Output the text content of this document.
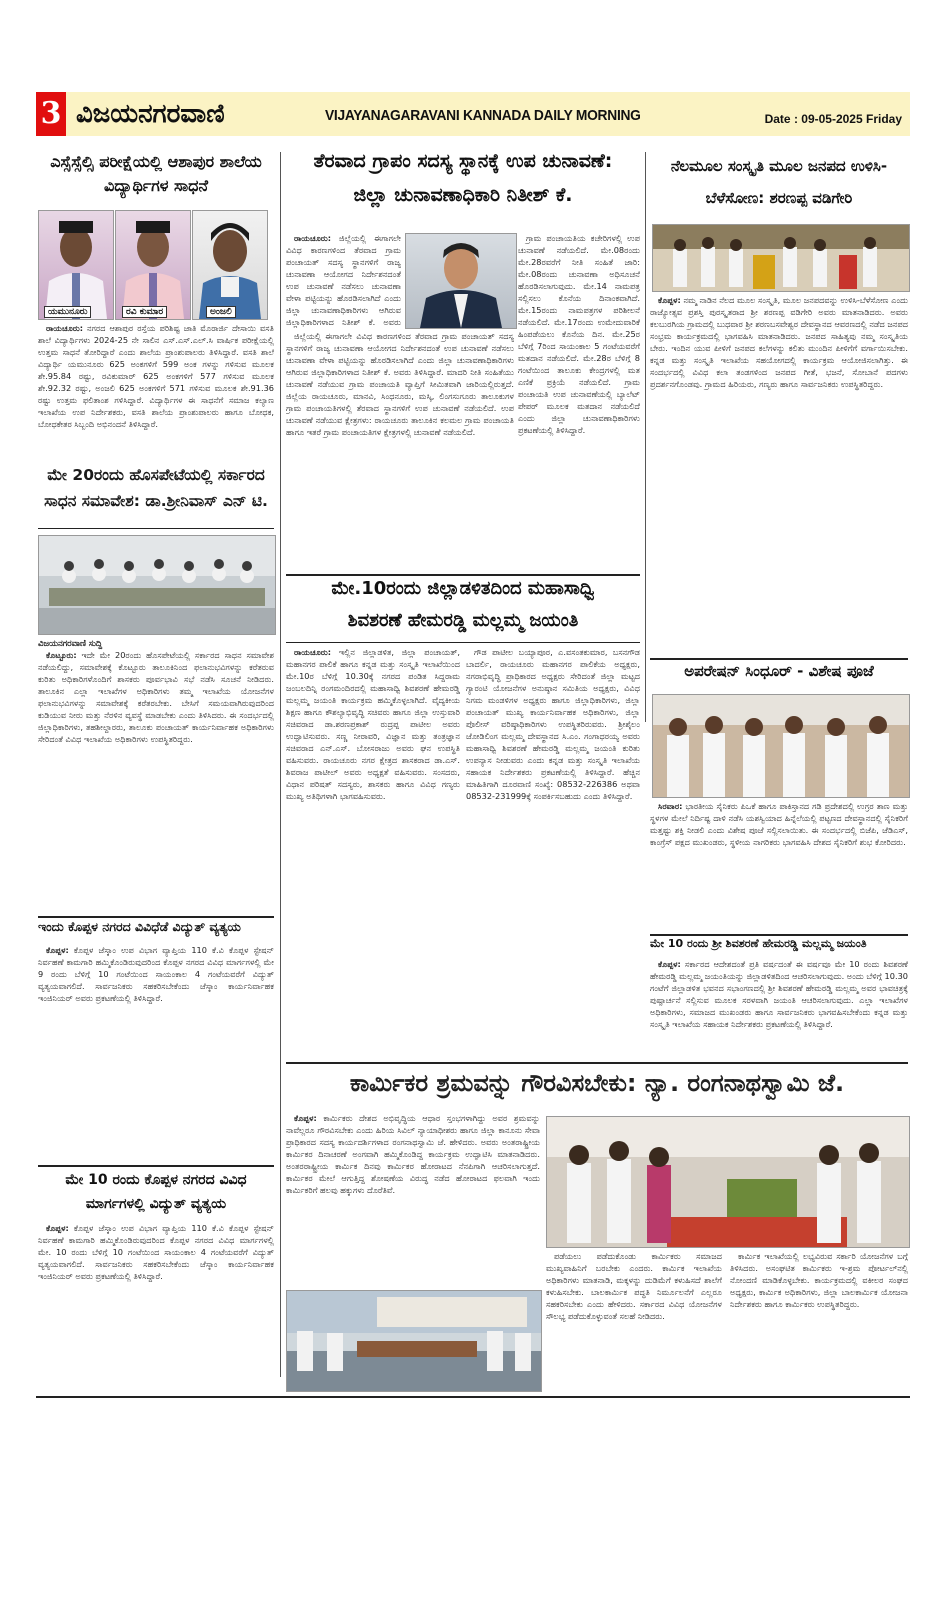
3 ವಿಜಯನಗರವಾಣಿ	VIJAYANAGARAVANI KANNADA DAILY MORNING	Date : 09-05-2025 Friday
ಎಸ್ಸೆಸ್ಸೆಲ್ಸಿ ಪರೀಕ್ಷೆಯಲ್ಲಿ ಆಶಾಪುರ ಶಾಲೆಯ ವಿದ್ಯಾರ್ಥಿಗಳ ಸಾಧನೆ
ಯಮುನೂರು	ರವಿ ಕುಮಾರ	ಅಂಜಲಿ

ರಾಯಚೂರು: ನಗರದ ಆಶಾಪುರ ರಸ್ತೆಯ ಪರಿಶಿಷ್ಟ ಜಾತಿ ಮೊರಾರ್ಜಿ ದೇಸಾಯಿ ವಸತಿ ಶಾಲೆ ವಿದ್ಯಾರ್ಥಿಗಳು 2024-25 ನೇ ಸಾಲಿನ ಎಸ್.ಎಸ್.ಎಲ್.ಸಿ ವಾರ್ಷಿಕ ಪರೀಕ್ಷೆಯಲ್ಲಿ ಉತ್ತಮ ಸಾಧನೆ ತೋರಿದ್ದಾರೆ ಎಂದು ಶಾಲೆಯ ಪ್ರಾಂಶುಪಾಲರು ತಿಳಿಸಿದ್ದಾರೆ. ವಸತಿ ಶಾಲೆ ವಿದ್ಯಾರ್ಥಿ ಯಮುನೂರು 625 ಅಂಕಗಳಿಗೆ 599 ಅಂಕ ಗಳನ್ನು ಗಳಿಸುವ ಮೂಲಕ ಶೇ.95.84 ರಷ್ಟು, ರವಿಕುಮಾರ್ 625 ಅಂಕಗಳಿಗೆ 577 ಗಳಿಸುವ ಮೂಲಕ ಶೇ.92.32 ರಷ್ಟು, ಅಂಜಲಿ 625 ಅಂಕಗಳಿಗೆ 571 ಗಳಿಸುವ ಮೂಲಕ ಶೇ.91.36 ರಷ್ಟು ಉತ್ತಮ ಫಲಿತಾಂಶ ಗಳಿಸಿದ್ದಾರೆ. ವಿದ್ಯಾರ್ಥಿಗಳ ಈ ಸಾಧನೆಗೆ ಸಮಾಜ ಕಲ್ಯಾಣ ಇಲಾಖೆಯ ಉಪ ನಿರ್ದೇಶಕರು, ವಸತಿ ಶಾಲೆಯ ಪ್ರಾಂಶುಪಾಲರು ಹಾಗೂ ಬೋಧಕ, ಬೋಧಕೇತರ ಸಿಬ್ಬಂದಿ ಅಭಿನಂದನೆ ತಿಳಿಸಿದ್ದಾರೆ.

ಮೇ 20ರಂದು ಹೊಸಪೇಟೆಯಲ್ಲಿ ಸರ್ಕಾರದ ಸಾಧನ ಸಮಾವೇಶ: ಡಾ.ಶ್ರೀನಿವಾಸ್ ಎನ್ ಟಿ.
ವಿಜಯನಗರವಾಣಿ ಸುದ್ದಿ

ಕೊಟ್ಟೂರು: ಇದೇ ಮೇ 20ರಂದು ಹೊಸಪೇಟೆಯಲ್ಲಿ ಸರ್ಕಾರದ ಸಾಧನ ಸಮಾವೇಶ ನಡೆಯಲಿದ್ದು, ಸಮಾವೇಶಕ್ಕೆ ಕೊಟ್ಟೂರು ತಾಲೂಕಿನಿಂದ ಫಲಾನುಭವಿಗಳನ್ನು ಕರೆತರುವ ಕುರಿತು ಅಧಿಕಾರಿಗಳೊಂದಿಗೆ ಶಾಸಕರು ಪೂರ್ವಭಾವಿ ಸಭೆ ನಡೆಸಿ ಸೂಚನೆ ನೀಡಿದರು. ತಾಲೂಕಿನ ಎಲ್ಲಾ ಇಲಾಖೆಗಳ ಅಧಿಕಾರಿಗಳು ತಮ್ಮ ಇಲಾಖೆಯ ಯೋಜನೆಗಳ ಫಲಾನುಭವಿಗಳನ್ನು ಸಮಾವೇಶಕ್ಕೆ ಕರೆತರಬೇಕು. ಬೇಸಿಗೆ ಸಮಯವಾಗಿರುವುದರಿಂದ ಕುಡಿಯುವ ನೀರು ಮತ್ತು ನೆರಳಿನ ವ್ಯವಸ್ಥೆ ಮಾಡಬೇಕು ಎಂದು ತಿಳಿಸಿದರು. ಈ ಸಂದರ್ಭದಲ್ಲಿ ಜಿಲ್ಲಾಧಿಕಾರಿಗಳು, ತಹಶೀಲ್ದಾರರು, ತಾಲೂಕು ಪಂಚಾಯತ್ ಕಾರ್ಯನಿರ್ವಾಹಕ ಅಧಿಕಾರಿಗಳು ಸೇರಿದಂತೆ ವಿವಿಧ ಇಲಾಖೆಯ ಅಧಿಕಾರಿಗಳು ಉಪಸ್ಥಿತರಿದ್ದರು.

ಇಂದು ಕೊಪ್ಪಳ ನಗರದ ವಿವಿಧೆಡೆ ವಿದ್ಯುತ್ ವ್ಯತ್ಯಯ

ಕೊಪ್ಪಳ: ಕೊಪ್ಪಳ ಜೆಸ್ಕಾಂ ಉಪ ವಿಭಾಗ ವ್ಯಾಪ್ತಿಯ 110 ಕೆ.ವಿ ಕೊಪ್ಪಳ ಸ್ಟೇಷನ್ ನಿರ್ವಹಣೆ ಕಾಮಗಾರಿ ಹಮ್ಮಿಕೊಂಡಿರುವುದರಿಂದ ಕೊಪ್ಪಳ ನಗರದ ವಿವಿಧ ಮಾರ್ಗಗಳಲ್ಲಿ ಮೇ 9 ರಂದು ಬೆಳಿಗ್ಗೆ 10 ಗಂಟೆಯಿಂದ ಸಾಯಂಕಾಲ 4 ಗಂಟೆಯವರೆಗೆ ವಿದ್ಯುತ್ ವ್ಯತ್ಯಯವಾಗಲಿದೆ. ಸಾರ್ವಜನಿಕರು ಸಹಕರಿಸಬೇಕೆಂದು ಜೆಸ್ಕಾಂ ಕಾರ್ಯನಿರ್ವಾಹಕ ಇಂಜಿನಿಯರ್ ಅವರು ಪ್ರಕಟಣೆಯಲ್ಲಿ ತಿಳಿಸಿದ್ದಾರೆ.

ಮೇ 10 ರಂದು ಕೊಪ್ಪಳ ನಗರದ ವಿವಿಧ ಮಾರ್ಗಗಳಲ್ಲಿ ವಿದ್ಯುತ್ ವ್ಯತ್ಯಯ

ಕೊಪ್ಪಳ: ಕೊಪ್ಪಳ ಜೆಸ್ಕಾಂ ಉಪ ವಿಭಾಗ ವ್ಯಾಪ್ತಿಯ 110 ಕೆ.ವಿ ಕೊಪ್ಪಳ ಸ್ಟೇಷನ್ ನಿರ್ವಹಣೆ ಕಾಮಗಾರಿ ಹಮ್ಮಿಕೊಂಡಿರುವುದರಿಂದ ಕೊಪ್ಪಳ ನಗರದ ವಿವಿಧ ಮಾರ್ಗಗಳಲ್ಲಿ ಮೇ. 10 ರಂದು ಬೆಳಿಗ್ಗೆ 10 ಗಂಟೆಯಿಂದ ಸಾಯಂಕಾಲ 4 ಗಂಟೆಯವರೆಗೆ ವಿದ್ಯುತ್ ವ್ಯತ್ಯಯವಾಗಲಿದೆ. ಸಾರ್ವಜನಿಕರು ಸಹಕರಿಸಬೇಕೆಂದು ಜೆಸ್ಕಾಂ ಕಾರ್ಯನಿರ್ವಾಹಕ ಇಂಜಿನಿಯರ್ ಅವರು ಪ್ರಕಟಣೆಯಲ್ಲಿ ತಿಳಿಸಿದ್ದಾರೆ.

ತೆರವಾದ ಗ್ರಾಪಂ ಸದಸ್ಯ ಸ್ಥಾನಕ್ಕೆ ಉಪ ಚುನಾವಣೆ:
ಜಿಲ್ಲಾ ಚುನಾವಣಾಧಿಕಾರಿ ನಿತೀಶ್ ಕೆ.

ರಾಯಚೂರು: ಜಿಲ್ಲೆಯಲ್ಲಿ ಈಗಾಗಲೇ ವಿವಿಧ ಕಾರಣಗಳಿಂದ ತೆರವಾದ ಗ್ರಾಮ ಪಂಚಾಯತ್ ಸದಸ್ಯ ಸ್ಥಾನಗಳಿಗೆ ರಾಜ್ಯ ಚುನಾವಣಾ ಆಯೋಗದ ನಿರ್ದೇಶನದಂತೆ ಉಪ ಚುನಾವಣೆ ನಡೆಸಲು ಚುನಾವಣಾ ವೇಳಾ ಪಟ್ಟಿಯನ್ನು ಹೊರಡಿಸಲಾಗಿದೆ ಎಂದು ಜಿಲ್ಲಾ ಚುನಾವಣಾಧಿಕಾರಿಗಳು ಆಗಿರುವ ಜಿಲ್ಲಾಧಿಕಾರಿಗಳಾದ ನಿತೀಶ್ ಕೆ. ಅವರು

ಜಿಲ್ಲೆಯಲ್ಲಿ ಈಗಾಗಲೇ ವಿವಿಧ ಕಾರಣಗಳಿಂದ ತೆರವಾದ ಗ್ರಾಮ ಪಂಚಾಯತ್ ಸದಸ್ಯ ಸ್ಥಾನಗಳಿಗೆ ರಾಜ್ಯ ಚುನಾವಣಾ ಆಯೋಗದ ನಿರ್ದೇಶನದಂತೆ ಉಪ ಚುನಾವಣೆ ನಡೆಸಲು ಚುನಾವಣಾ ವೇಳಾ ಪಟ್ಟಿಯನ್ನು ಹೊರಡಿಸಲಾಗಿದೆ ಎಂದು ಜಿಲ್ಲಾ ಚುನಾವಣಾಧಿಕಾರಿಗಳು ಆಗಿರುವ ಜಿಲ್ಲಾಧಿಕಾರಿಗಳಾದ ನಿತೀಶ್ ಕೆ. ಅವರು ತಿಳಿಸಿದ್ದಾರೆ. ಮಾದರಿ ನೀತಿ ಸಂಹಿತೆಯು ಚುನಾವಣೆ ನಡೆಯುವ ಗ್ರಾಮ ಪಂಚಾಯತಿ ವ್ಯಾಪ್ತಿಗೆ ಸೀಮಿತವಾಗಿ ಜಾರಿಯಲ್ಲಿರುತ್ತದೆ. ಜಿಲ್ಲೆಯ ರಾಯಚೂರು, ಮಾನವಿ, ಸಿಂಧನೂರು, ಮಸ್ಕಿ, ಲಿಂಗಸುಗೂರು ತಾಲೂಕುಗಳ ಗ್ರಾಮ ಪಂಚಾಯತಿಗಳಲ್ಲಿ ತೆರವಾದ ಸ್ಥಾನಗಳಿಗೆ ಉಪ ಚುನಾವಣೆ ನಡೆಯಲಿದೆ. ಉಪ ಚುನಾವಣೆ ನಡೆಯುವ ಕ್ಷೇತ್ರಗಳು: ರಾಯಚೂರು ತಾಲೂಕಿನ ಕಲಮಲ ಗ್ರಾಮ ಪಂಚಾಯತಿ ಹಾಗೂ ಇತರೆ ಗ್ರಾಮ ಪಂಚಾಯತಿಗಳ ಕ್ಷೇತ್ರಗಳಲ್ಲಿ ಚುನಾವಣೆ ನಡೆಯಲಿದೆ.

ಗ್ರಾಮ ಪಂಚಾಯತಿಯ ಕಚೇರಿಗಳಲ್ಲಿ ಉಪ ಚುನಾವಣೆ ನಡೆಯಲಿದೆ. ಮೇ.08ರಂದು ಮೇ.28ರವರೆಗೆ ನೀತಿ ಸಂಹಿತೆ ಜಾರಿ: ಮೇ.08ರಂದು ಚುನಾವಣಾ ಅಧಿಸೂಚನೆ ಹೊರಡಿಸಲಾಗುವುದು. ಮೇ.14 ನಾಮಪತ್ರ ಸಲ್ಲಿಸಲು ಕೊನೆಯ ದಿನಾಂಕವಾಗಿದೆ. ಮೇ.15ರಂದು ನಾಮಪತ್ರಗಳ ಪರಿಶೀಲನೆ ನಡೆಯಲಿದೆ. ಮೇ.17ರಂದು ಉಮೇದುವಾರಿಕೆ ಹಿಂಪಡೆಯಲು ಕೊನೆಯ ದಿನ. ಮೇ.25ರ ಬೆಳಿಗ್ಗೆ 7ರಿಂದ ಸಾಯಂಕಾಲ 5 ಗಂಟೆಯವರೆಗೆ ಮತದಾನ ನಡೆಯಲಿದೆ. ಮೇ.28ರ ಬೆಳಿಗ್ಗೆ 8 ಗಂಟೆಯಿಂದ ತಾಲೂಕು ಕೇಂದ್ರಗಳಲ್ಲಿ ಮತ ಎಣಿಕೆ ಪ್ರಕ್ರಿಯೆ ನಡೆಯಲಿದೆ. ಗ್ರಾಮ ಪಂಚಾಯತಿ ಉಪ ಚುನಾವಣೆಯಲ್ಲಿ ಬ್ಯಾಲೆಟ್ ಪೇಪರ್ ಮೂಲಕ ಮತದಾನ ನಡೆಯಲಿದೆ ಎಂದು ಜಿಲ್ಲಾ ಚುನಾವಣಾಧಿಕಾರಿಗಳು ಪ್ರಕಟಣೆಯಲ್ಲಿ ತಿಳಿಸಿದ್ದಾರೆ.

ಮೇ.10ರಂದು ಜಿಲ್ಲಾಡಳಿತದಿಂದ ಮಹಾಸಾಧ್ವಿ
ಶಿವಶರಣೆ ಹೇಮರಡ್ಡಿ ಮಲ್ಲಮ್ಮ ಜಯಂತಿ

ರಾಯಚೂರು: ಇಲ್ಲಿನ ಜಿಲ್ಲಾಡಳಿತ, ಜಿಲ್ಲಾ ಪಂಚಾಯತ್, ಮಹಾನಗರ ಪಾಲಿಕೆ ಹಾಗೂ ಕನ್ನಡ ಮತ್ತು ಸಂಸ್ಕೃತಿ ಇಲಾಖೆಯಿಂದ ಮೇ.10ರ ಬೆಳಿಗ್ಗೆ 10.30ಕ್ಕೆ ನಗರದ ಪಂಡಿತ ಸಿದ್ದರಾಮ ಜಂಬಲದಿನ್ನಿ ರಂಗಮಂದಿರದಲ್ಲಿ ಮಹಾಸಾಧ್ವಿ ಶಿವಶರಣೆ ಹೇಮರಡ್ಡಿ ಮಲ್ಲಮ್ಮ ಜಯಂತಿ ಕಾರ್ಯಕ್ರಮ ಹಮ್ಮಿಕೊಳ್ಳಲಾಗಿದೆ. ವೈದ್ಯಕೀಯ ಶಿಕ್ಷಣ ಹಾಗೂ ಕೌಶಲ್ಯಾಭಿವೃದ್ಧಿ ಸಚಿವರು ಹಾಗೂ ಜಿಲ್ಲಾ ಉಸ್ತುವಾರಿ ಸಚಿವರಾದ ಡಾ.ಶರಣಪ್ರಕಾಶ್ ರುದ್ರಪ್ಪ ಪಾಟೀಲ ಅವರು ಉದ್ಘಾಟಿಸುವರು. ಸಣ್ಣ ನೀರಾವರಿ, ವಿಜ್ಞಾನ ಮತ್ತು ತಂತ್ರಜ್ಞಾನ ಸಚಿವರಾದ ಎನ್.ಎಸ್. ಬೋಸರಾಜು ಅವರು ಘನ ಉಪಸ್ಥಿತಿ ವಹಿಸುವರು. ರಾಯಚೂರು ನಗರ ಕ್ಷೇತ್ರದ ಶಾಸಕರಾದ ಡಾ.ಎಸ್. ಶಿವರಾಜ ಪಾಟೀಲ್ ಅವರು ಅಧ್ಯಕ್ಷತೆ ವಹಿಸುವರು. ಸಂಸದರು, ವಿಧಾನ ಪರಿಷತ್ ಸದಸ್ಯರು, ಶಾಸಕರು ಹಾಗೂ ವಿವಿಧ ಗಣ್ಯರು ಮುಖ್ಯ ಅತಿಥಿಗಳಾಗಿ ಭಾಗವಹಿಸುವರು.

ಗೌಡ ಪಾಟೀಲ ಬಯ್ಯಾಪೂರ, ಎ.ವಸಂತಕುಮಾರ, ಬಸನಗೌಡ ಬಾದರ್ಲಿ, ರಾಯಚೂರು ಮಹಾನಗರ ಪಾಲಿಕೆಯ ಅಧ್ಯಕ್ಷರು, ನಗರಾಭಿವೃದ್ಧಿ ಪ್ರಾಧಿಕಾರದ ಅಧ್ಯಕ್ಷರು ಸೇರಿದಂತೆ ಜಿಲ್ಲಾ ಮಟ್ಟದ ಗ್ಯಾರಂಟಿ ಯೋಜನೆಗಳ ಅನುಷ್ಠಾನ ಸಮಿತಿಯ ಅಧ್ಯಕ್ಷರು, ವಿವಿಧ ನಿಗಮ ಮಂಡಳಿಗಳ ಅಧ್ಯಕ್ಷರು ಹಾಗೂ ಜಿಲ್ಲಾಧಿಕಾರಿಗಳು, ಜಿಲ್ಲಾ ಪಂಚಾಯತ್ ಮುಖ್ಯ ಕಾರ್ಯನಿರ್ವಾಹಕ ಅಧಿಕಾರಿಗಳು, ಜಿಲ್ಲಾ ಪೊಲೀಸ್ ವರಿಷ್ಠಾಧಿಕಾರಿಗಳು ಉಪಸ್ಥಿತರಿರುವರು. ಶ್ರೀಶೈಲಂ ಜೋಡಿಲಿಂಗ ಮಲ್ಲಮ್ಮ ದೇವಸ್ಥಾನದ ಸಿ.ಎಂ. ಗಂಗಾಧರಯ್ಯ ಅವರು ಮಹಾಸಾಧ್ವಿ ಶಿವಶರಣೆ ಹೇಮರಡ್ಡಿ ಮಲ್ಲಮ್ಮ ಜಯಂತಿ ಕುರಿತು ಉಪನ್ಯಾಸ ನೀಡುವರು ಎಂದು ಕನ್ನಡ ಮತ್ತು ಸಂಸ್ಕೃತಿ ಇಲಾಖೆಯ ಸಹಾಯಕ ನಿರ್ದೇಶಕರು ಪ್ರಕಟಣೆಯಲ್ಲಿ ತಿಳಿಸಿದ್ದಾರೆ. ಹೆಚ್ಚಿನ ಮಾಹಿತಿಗಾಗಿ ದೂರವಾಣಿ ಸಂಖ್ಯೆ: 08532-226386 ಅಥವಾ 08532-231999ಕ್ಕೆ ಸಂಪರ್ಕಿಸಬಹುದು ಎಂದು ತಿಳಿಸಿದ್ದಾರೆ.

ನೆಲಮೂಲ ಸಂಸ್ಕೃತಿ ಮೂಲ ಜನಪದ ಉಳಿಸಿ-ಬೆಳೆಸೋಣ: ಶರಣಪ್ಪ ವಡಿಗೇರಿ

ಕೊಪ್ಪಳ: ನಮ್ಮ ನಾಡಿನ ನೆಲದ ಮೂಲ ಸಂಸ್ಕೃತಿ, ಮೂಲ ಜನಪದವನ್ನು ಉಳಿಸಿ-ಬೆಳೆಸೋಣ ಎಂದು ರಾಜ್ಯೋತ್ಸವ ಪ್ರಶಸ್ತಿ ಪುರಸ್ಕೃತರಾದ ಶ್ರೀ ಶರಣಪ್ಪ ವಡಿಗೇರಿ ಅವರು ಮಾತನಾಡಿದರು. ಅವರು ಕಲಬುರಗಿಯ ಗ್ರಾಮದಲ್ಲಿ ಬುಧವಾರ ಶ್ರೀ ಶರಣಬಸವೇಶ್ವರ ದೇವಸ್ಥಾನದ ಆವರಣದಲ್ಲಿ ನಡೆದ ಜನಪದ ಸಂಭ್ರಮ ಕಾರ್ಯಕ್ರಮದಲ್ಲಿ ಭಾಗವಹಿಸಿ ಮಾತನಾಡಿದರು. ಜನಪದ ಸಾಹಿತ್ಯವು ನಮ್ಮ ಸಂಸ್ಕೃತಿಯ ಬೇರು. ಇಂದಿನ ಯುವ ಪೀಳಿಗೆ ಜನಪದ ಕಲೆಗಳನ್ನು ಕಲಿತು ಮುಂದಿನ ಪೀಳಿಗೆಗೆ ವರ್ಗಾಯಿಸಬೇಕು. ಕನ್ನಡ ಮತ್ತು ಸಂಸ್ಕೃತಿ ಇಲಾಖೆಯ ಸಹಯೋಗದಲ್ಲಿ ಕಾರ್ಯಕ್ರಮ ಆಯೋಜಿಸಲಾಗಿತ್ತು. ಈ ಸಂದರ್ಭದಲ್ಲಿ ವಿವಿಧ ಕಲಾ ತಂಡಗಳಿಂದ ಜನಪದ ಗೀತೆ, ಭಜನೆ, ಸೋಬಾನೆ ಪದಗಳು ಪ್ರದರ್ಶನಗೊಂಡವು. ಗ್ರಾಮದ ಹಿರಿಯರು, ಗಣ್ಯರು ಹಾಗೂ ಸಾರ್ವಜನಿಕರು ಉಪಸ್ಥಿತರಿದ್ದರು.

ಅಪರೇಷನ್ ಸಿಂಧೂರ್ - ವಿಶೇಷ ಪೂಜೆ

ಸಿರವಾರ: ಭಾರತೀಯ ಸೈನಿಕರು ಪಿಒಕೆ ಹಾಗೂ ಪಾಕಿಸ್ತಾನದ ಗಡಿ ಪ್ರದೇಶದಲ್ಲಿ ಉಗ್ರರ ತಾಣ ಮತ್ತು ಸ್ಥಳಗಳ ಮೇಲೆ ನಿರ್ದಿಷ್ಟ ದಾಳಿ ನಡೆಸಿ ಯಶಸ್ವಿಯಾದ ಹಿನ್ನೆಲೆಯಲ್ಲಿ ಪಟ್ಟಣದ ದೇವಸ್ಥಾನದಲ್ಲಿ ಸೈನಿಕರಿಗೆ ಮತ್ತಷ್ಟು ಶಕ್ತಿ ನೀಡಲಿ ಎಂದು ವಿಶೇಷ ಪೂಜೆ ಸಲ್ಲಿಸಲಾಯಿತು. ಈ ಸಂದರ್ಭದಲ್ಲಿ ಬಿಜೆಪಿ, ಜೆಡಿಎಸ್, ಕಾಂಗ್ರೆಸ್ ಪಕ್ಷದ ಮುಖಂಡರು, ಸ್ಥಳೀಯ ನಾಗರಿಕರು ಭಾಗವಹಿಸಿ ದೇಶದ ಸೈನಿಕರಿಗೆ ಶುಭ ಕೋರಿದರು.

ಮೇ 10 ರಂದು ಶ್ರೀ ಶಿವಶರಣೆ ಹೇಮರಡ್ಡಿ ಮಲ್ಲಮ್ಮ ಜಯಂತಿ

ಕೊಪ್ಪಳ: ಸರ್ಕಾರದ ಆದೇಶದಂತೆ ಪ್ರತಿ ವರ್ಷದಂತೆ ಈ ವರ್ಷವೂ ಮೇ 10 ರಂದು ಶಿವಶರಣೆ ಹೇಮರಡ್ಡಿ ಮಲ್ಲಮ್ಮ ಜಯಂತಿಯನ್ನು ಜಿಲ್ಲಾಡಳಿತದಿಂದ ಆಚರಿಸಲಾಗುವುದು. ಅಂದು ಬೆಳಿಗ್ಗೆ 10.30 ಗಂಟೆಗೆ ಜಿಲ್ಲಾಡಳಿತ ಭವನದ ಸಭಾಂಗಣದಲ್ಲಿ ಶ್ರೀ ಶಿವಶರಣೆ ಹೇಮರಡ್ಡಿ ಮಲ್ಲಮ್ಮ ಅವರ ಭಾವಚಿತ್ರಕ್ಕೆ ಪುಷ್ಪಾರ್ಚನೆ ಸಲ್ಲಿಸುವ ಮೂಲಕ ಸರಳವಾಗಿ ಜಯಂತಿ ಆಚರಿಸಲಾಗುವುದು. ಎಲ್ಲಾ ಇಲಾಖೆಗಳ ಅಧಿಕಾರಿಗಳು, ಸಮಾಜದ ಮುಖಂಡರು ಹಾಗೂ ಸಾರ್ವಜನಿಕರು ಭಾಗವಹಿಸಬೇಕೆಂದು ಕನ್ನಡ ಮತ್ತು ಸಂಸ್ಕೃತಿ ಇಲಾಖೆಯ ಸಹಾಯಕ ನಿರ್ದೇಶಕರು ಪ್ರಕಟಣೆಯಲ್ಲಿ ತಿಳಿಸಿದ್ದಾರೆ.

ಕಾರ್ಮಿಕರ ಶ್ರಮವನ್ನು ಗೌರವಿಸಬೇಕು: ನ್ಯಾ. ರಂಗನಾಥಸ್ವಾಮಿ ಜೆ.

ಕೊಪ್ಪಳ: ಕಾರ್ಮಿಕರು ದೇಶದ ಅಭಿವೃದ್ಧಿಯ ಆಧಾರ ಸ್ತಂಭಗಳಾಗಿದ್ದು ಅವರ ಶ್ರಮವನ್ನು ನಾವೆಲ್ಲರೂ ಗೌರವಿಸಬೇಕು ಎಂದು ಹಿರಿಯ ಸಿವಿಲ್ ನ್ಯಾಯಾಧೀಶರು ಹಾಗೂ ಜಿಲ್ಲಾ ಕಾನೂನು ಸೇವಾ ಪ್ರಾಧಿಕಾರದ ಸದಸ್ಯ ಕಾರ್ಯದರ್ಶಿಗಳಾದ ರಂಗನಾಥಸ್ವಾಮಿ ಜೆ. ಹೇಳಿದರು. ಅವರು ಅಂತರಾಷ್ಟ್ರೀಯ ಕಾರ್ಮಿಕರ ದಿನಾಚರಣೆ ಅಂಗವಾಗಿ ಹಮ್ಮಿಕೊಂಡಿದ್ದ ಕಾರ್ಯಕ್ರಮ ಉದ್ಘಾಟಿಸಿ ಮಾತನಾಡಿದರು. ಅಂತರರಾಷ್ಟ್ರೀಯ ಕಾರ್ಮಿಕ ದಿನವು ಕಾರ್ಮಿಕರ ಹೋರಾಟದ ನೆನಪಿಗಾಗಿ ಆಚರಿಸಲಾಗುತ್ತದೆ. ಕಾರ್ಮಿಕರ ಮೇಲೆ ಆಗುತ್ತಿದ್ದ ಶೋಷಣೆಯ ವಿರುದ್ಧ ನಡೆದ ಹೋರಾಟದ ಫಲವಾಗಿ ಇಂದು ಕಾರ್ಮಿಕರಿಗೆ ಹಲವು ಹಕ್ಕುಗಳು ದೊರೆತಿವೆ.

ಪಡೆಯಲು ಪಡೆದುಕೊಂಡು ಕಾರ್ಮಿಕರು ಸಮಾಜದ ಮುಖ್ಯವಾಹಿನಿಗೆ ಬರಬೇಕು ಎಂದರು. ಕಾರ್ಮಿಕ ಇಲಾಖೆಯ ಅಧಿಕಾರಿಗಳು ಮಾತನಾಡಿ, ಮಕ್ಕಳನ್ನು ದುಡಿಮೆಗೆ ಕಳುಹಿಸದೆ ಶಾಲೆಗೆ ಕಳುಹಿಸಬೇಕು. ಬಾಲಕಾರ್ಮಿಕ ಪದ್ಧತಿ ನಿರ್ಮೂಲನೆಗೆ ಎಲ್ಲರೂ ಸಹಕರಿಸಬೇಕು ಎಂದು ಹೇಳಿದರು. ಸರ್ಕಾರದ ವಿವಿಧ ಯೋಜನೆಗಳ ಸೌಲಭ್ಯ ಪಡೆದುಕೊಳ್ಳುವಂತೆ ಸಲಹೆ ನೀಡಿದರು.

ಕಾರ್ಮಿಕ ಇಲಾಖೆಯಲ್ಲಿ ಲಭ್ಯವಿರುವ ಸರ್ಕಾರಿ ಯೋಜನೆಗಳ ಬಗ್ಗೆ ತಿಳಿಸಿದರು. ಅಸಂಘಟಿತ ಕಾರ್ಮಿಕರು ಇ-ಶ್ರಮ ಪೋರ್ಟಲ್‌ನಲ್ಲಿ ನೋಂದಣಿ ಮಾಡಿಕೊಳ್ಳಬೇಕು. ಕಾರ್ಯಕ್ರಮದಲ್ಲಿ ವಕೀಲರ ಸಂಘದ ಅಧ್ಯಕ್ಷರು, ಕಾರ್ಮಿಕ ಅಧಿಕಾರಿಗಳು, ಜಿಲ್ಲಾ ಬಾಲಕಾರ್ಮಿಕ ಯೋಜನಾ ನಿರ್ದೇಶಕರು ಹಾಗೂ ಕಾರ್ಮಿಕರು ಉಪಸ್ಥಿತರಿದ್ದರು.
